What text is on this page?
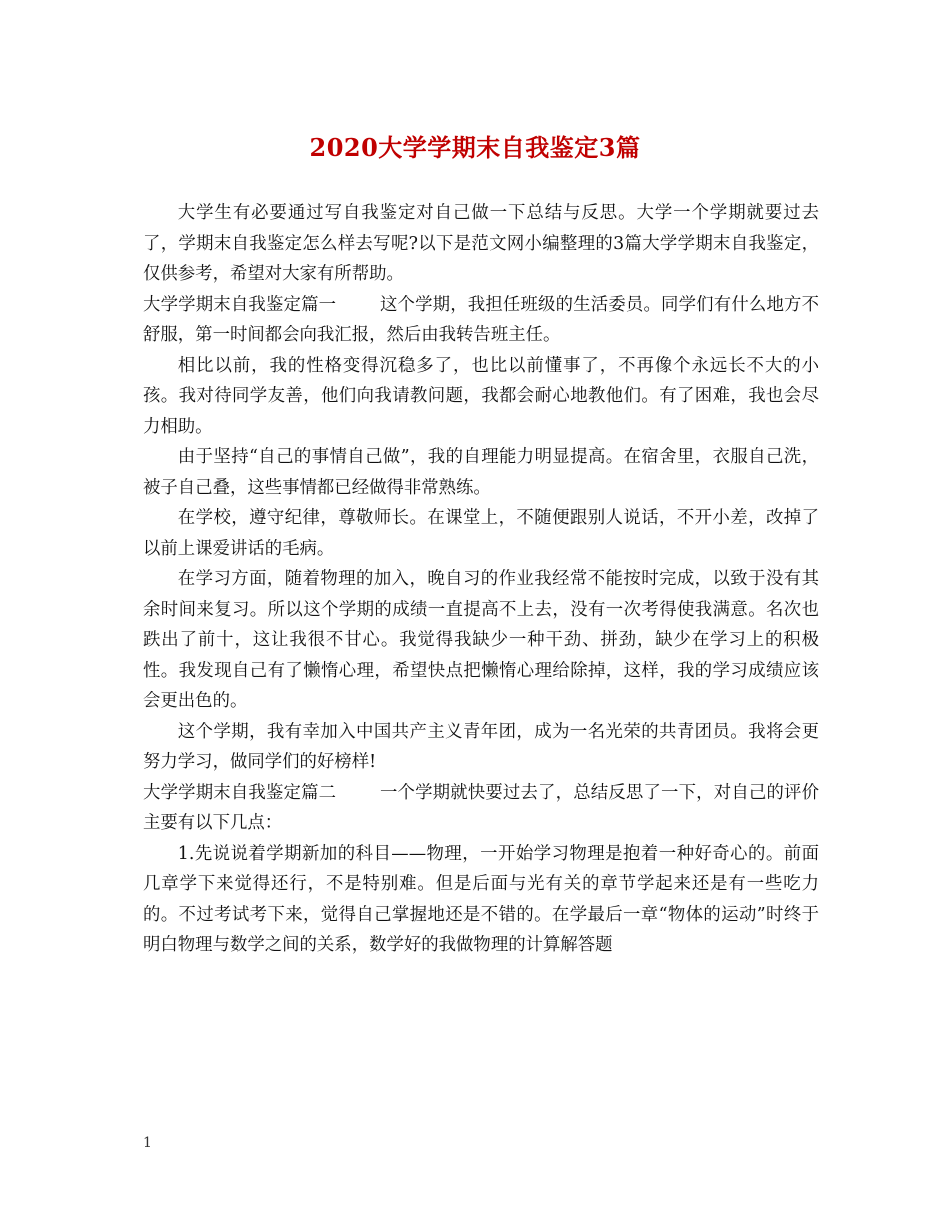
2020大学学期末自我鉴定3篇

大学生有必要通过写自我鉴定对自己做一下总结与反思。大学一个学期就要过去了，学期末自我鉴定怎么样去写呢?以下是范文网小编整理的3篇大学学期末自我鉴定，仅供参考，希望对大家有所帮助。

大学学期末自我鉴定篇一	这个学期，我担任班级的生活委员。同学们有什么地方不舒服，第一时间都会向我汇报，然后由我转告班主任。

相比以前，我的性格变得沉稳多了，也比以前懂事了，不再像个永远长不大的小孩。我对待同学友善，他们向我请教问题，我都会耐心地教他们。有了困难，我也会尽力相助。

由于坚持“自己的事情自己做”，我的自理能力明显提高。在宿舍里，衣服自己洗，被子自己叠，这些事情都已经做得非常熟练。

在学校，遵守纪律，尊敬师长。在课堂上，不随便跟别人说话，不开小差，改掉了以前上课爱讲话的毛病。

在学习方面，随着物理的加入，晚自习的作业我经常不能按时完成，以致于没有其余时间来复习。所以这个学期的成绩一直提高不上去，没有一次考得使我满意。名次也跌出了前十，这让我很不甘心。我觉得我缺少一种干劲、拼劲，缺少在学习上的积极性。我发现自己有了懒惰心理，希望快点把懒惰心理给除掉，这样，我的学习成绩应该会更出色的。

这个学期，我有幸加入中国共产主义青年团，成为一名光荣的共青团员。我将会更努力学习，做同学们的好榜样!

大学学期末自我鉴定篇二	一个学期就快要过去了，总结反思了一下，对自己的评价主要有以下几点：

1.先说说着学期新加的科目——物理，一开始学习物理是抱着一种好奇心的。前面几章学下来觉得还行，不是特别难。但是后面与光有关的章节学起来还是有一些吃力的。不过考试考下来，觉得自己掌握地还是不错的。在学最后一章“物体的运动”时终于明白物理与数学之间的关系，数学好的我做物理的计算解答题

1
